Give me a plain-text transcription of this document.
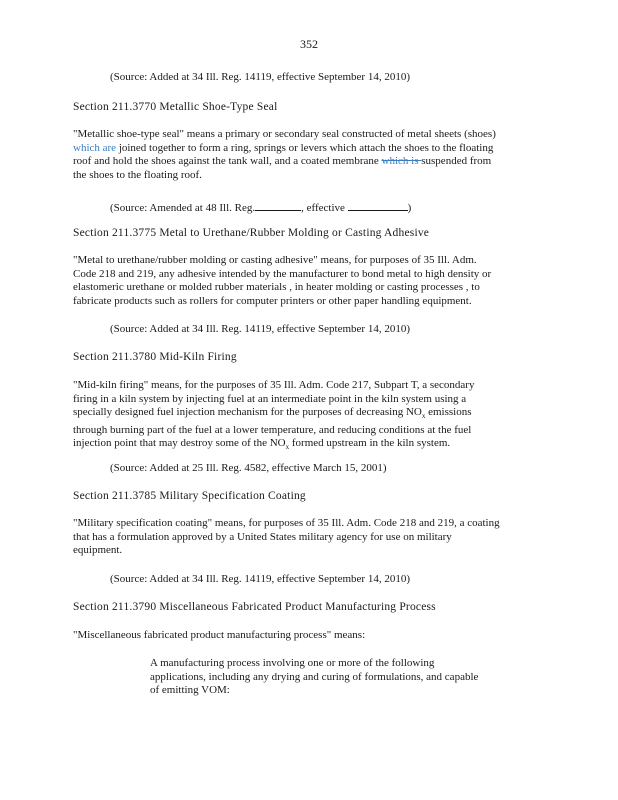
352
(Source: Added at 34 Ill. Reg. 14119, effective September 14, 2010)
Section 211.3770 Metallic Shoe-Type Seal
"Metallic shoe-type seal" means a primary or secondary seal constructed of metal sheets (shoes)
which are joined together to form a ring, springs or levers which attach the shoes to the floating
roof and hold the shoes against the tank wall, and a coated membrane which is suspended from
the shoes to the floating roof.
(Source: Amended at 48 Ill. Reg.	, effective	)
Section 211.3775 Metal to Urethane/Rubber Molding or Casting Adhesive
"Metal to urethane/rubber molding or casting adhesive" means, for purposes of 35 Ill. Adm.
Code 218 and 219, any adhesive intended by the manufacturer to bond metal to high density or
elastomeric urethane or molded rubber materials , in heater molding or casting processes , to
fabricate products such as rollers for computer printers or other paper handling equipment.
(Source: Added at 34 Ill. Reg. 14119, effective September 14, 2010)
Section 211.3780 Mid-Kiln Firing
"Mid-kiln firing" means, for the purposes of 35 Ill. Adm. Code 217, Subpart T, a secondary
firing in a kiln system by injecting fuel at an intermediate point in the kiln system using a
specially designed fuel injection mechanism for the purposes of decreasing $NO_x$ emissions
through burning part of the fuel at a lower temperature, and reducing conditions at the fuel
injection point that may destroy some of the $NO_x$ formed upstream in the kiln system.
(Source: Added at 25 Ill. Reg. 4582, effective March 15, 2001)
Section 211.3785 Military Specification Coating
"Military specification coating" means, for purposes of 35 Ill. Adm. Code 218 and 219, a coating
that has a formulation approved by a United States military agency for use on military
equipment.
(Source: Added at 34 Ill. Reg. 14119, effective September 14, 2010)
Section 211.3790 Miscellaneous Fabricated Product Manufacturing Process
"Miscellaneous fabricated product manufacturing process" means:
A manufacturing process involving one or more of the following
applications, including any drying and curing of formulations, and capable
of emitting VOM:
